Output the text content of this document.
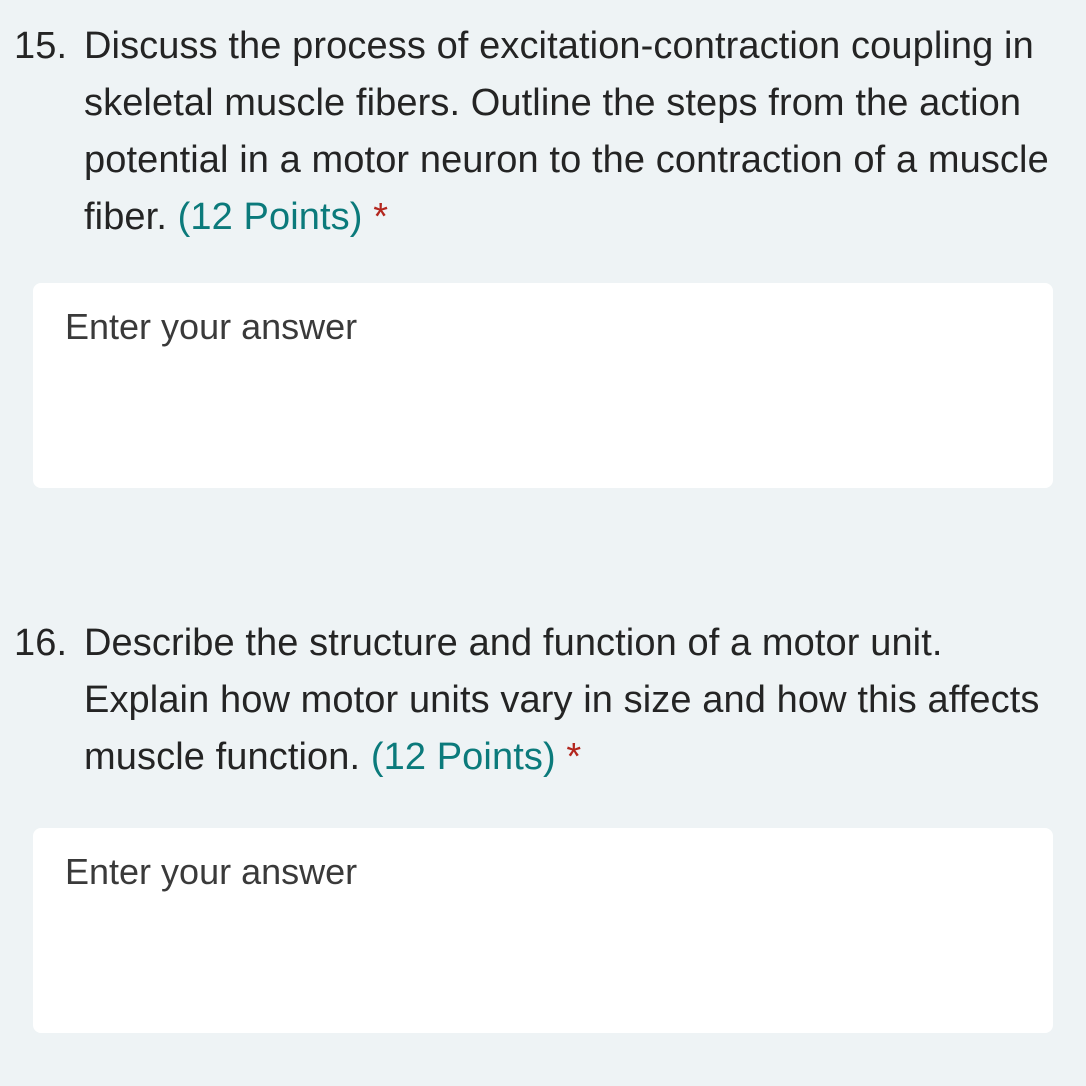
15. Discuss the process of excitation-contraction coupling in skeletal muscle fibers. Outline the steps from the action potential in a motor neuron to the contraction of a muscle fiber. (12 Points) *
Enter your answer
16. Describe the structure and function of a motor unit. Explain how motor units vary in size and how this affects muscle function. (12 Points) *
Enter your answer
